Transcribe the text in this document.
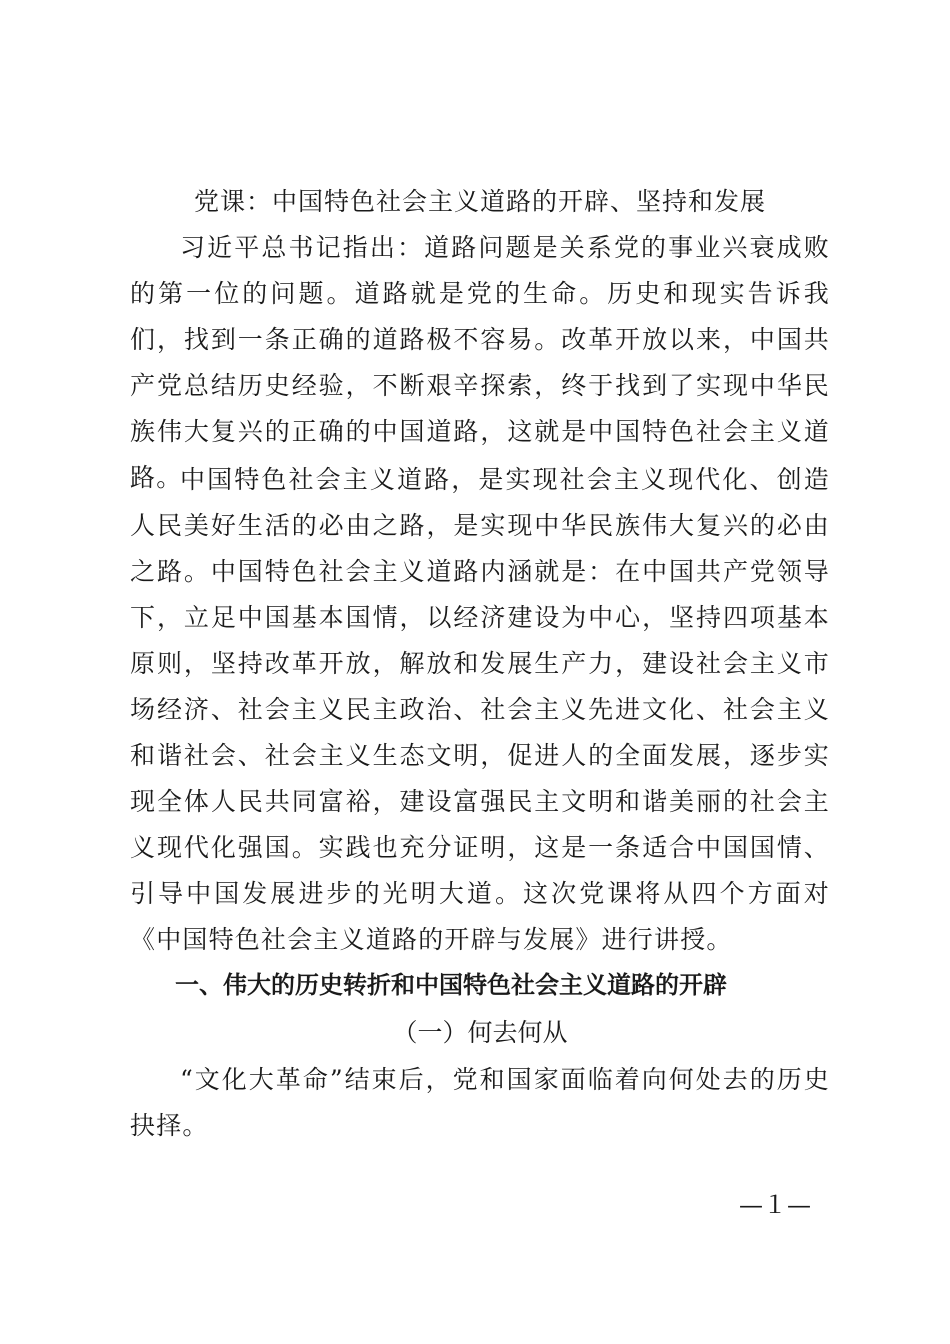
党课：中国特色社会主义道路的开辟、坚持和发展
习近平总书记指出：道路问题是关系党的事业兴衰成败的第一位的问题。道路就是党的生命。历史和现实告诉我们，找到一条正确的道路极不容易。改革开放以来，中国共产党总结历史经验，不断艰辛探索，终于找到了实现中华民族伟大复兴的正确的中国道路，这就是中国特色社会主义道路。
中国特色社会主义道路，是实现社会主义现代化、创造人民美好生活的必由之路，是实现中华民族伟大复兴的必由之路。中国特色社会主义道路内涵就是：在中国共产党领导下，立足中国基本国情，以经济建设为中心，坚持四项基本原则，坚持改革开放，解放和发展生产力，建设社会主义市场经济、社会主义民主政治、社会主义先进文化、社会主义和谐社会、社会主义生态文明，促进人的全面发展，逐步实现全体人民共同富裕，建设富强民主文明和谐美丽的社会主义现代化强国。实践也充分证明，这是一条适合中国国情、引导中国发展进步的光明大道。这次党课将从四个方面对《中国特色社会主义道路的开辟与发展》进行讲授。
一、伟大的历史转折和中国特色社会主义道路的开辟
（一）何去何从
“文化大革命”结束后，党和国家面临着向何处去的历史抉择。
—１—
